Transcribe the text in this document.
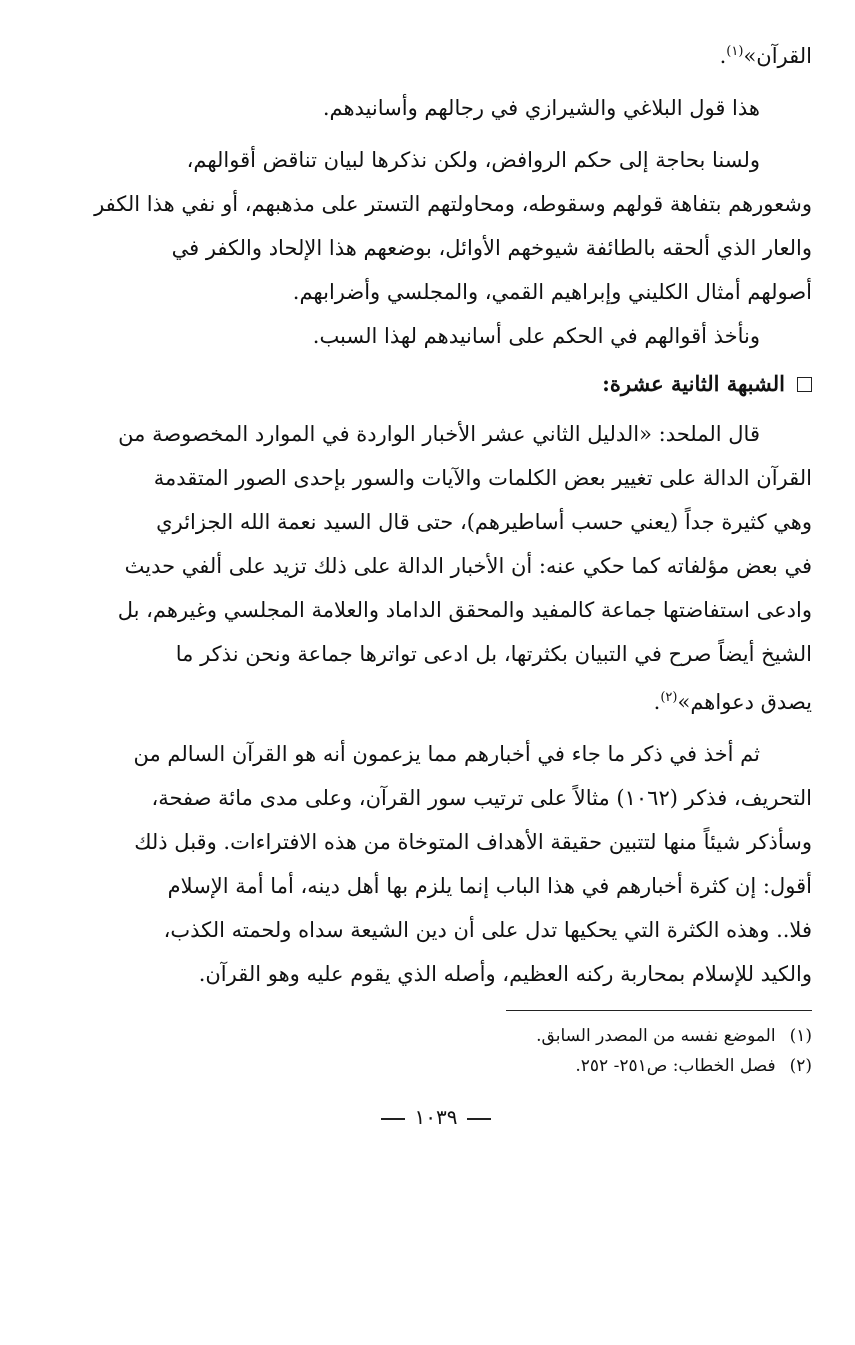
القرآن»$^{(١)}$.
هذا قول البلاغي والشيرازي في رجالهم وأسانيدهم.
ولسنا بحاجة إلى حكم الروافض، ولكن نذكرها لبيان تناقض أقوالهم،
وشعورهم بتفاهة قولهم وسقوطه، ومحاولتهم التستر على مذهبهم، أو نفي هذا الكفر
والعار الذي ألحقه بالطائفة شيوخهم الأوائل، بوضعهم هذا الإلحاد والكفر في
أصولهم أمثال الكليني وإبراهيم القمي، والمجلسي وأضرابهم.
ونأخذ أقوالهم في الحكم على أسانيدهم لهذا السبب.
الشبهة الثانية عشرة:
قال الملحد: «الدليل الثاني عشر الأخبار الواردة في الموارد المخصوصة من
القرآن الدالة على تغيير بعض الكلمات والآيات والسور بإحدى الصور المتقدمة
وهي كثيرة جداً (يعني حسب أساطيرهم)، حتى قال السيد نعمة الله الجزائري
في بعض مؤلفاته كما حكي عنه: أن الأخبار الدالة على ذلك تزيد على ألفي حديث
وادعى استفاضتها جماعة كالمفيد والمحقق الداماد والعلامة المجلسي وغيرهم، بل
الشيخ أيضاً صرح في التبيان بكثرتها، بل ادعى تواترها جماعة ونحن نذكر ما
يصدق دعواهم»$^{(٢)}$.
ثم أخذ في ذكر ما جاء في أخبارهم مما يزعمون أنه هو القرآن السالم من
التحريف، فذكر (١٠٦٢) مثالاً على ترتيب سور القرآن، وعلى مدى مائة صفحة،
وسأذكر شيئاً منها لتتبين حقيقة الأهداف المتوخاة من هذه الافتراءات. وقبل ذلك
أقول: إن كثرة أخبارهم في هذا الباب إنما يلزم بها أهل دينه، أما أمة الإسلام
فلا.. وهذه الكثرة التي يحكيها تدل على أن دين الشيعة سداه ولحمته الكذب،
والكيد للإسلام بمحاربة ركنه العظيم، وأصله الذي يقوم عليه وهو القرآن.
(١)
الموضع نفسه من المصدر السابق.
(٢)
فصل الخطاب: ص٢٥١- ٢٥٢.
١٠٣٩
